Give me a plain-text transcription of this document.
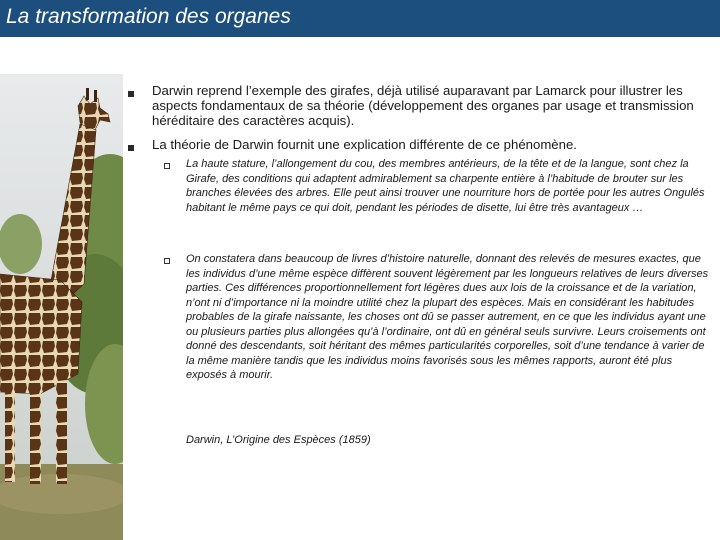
La transformation des organes
Darwin reprend l’exemple des girafes, déjà utilisé auparavant par Lamarck pour illustrer les aspects fondamentaux de sa théorie (développement des organes par usage et transmission héréditaire des caractères acquis).
La théorie de Darwin fournit une explication différente de ce phénomène.
La haute stature, l’allongement du cou, des membres antérieurs, de la tête et de la langue, sont chez la Girafe, des conditions qui adaptent admirablement sa charpente entière à l’habitude de brouter sur les branches élevées des arbres. Elle peut ainsi trouver une nourriture hors de portée pour les autres Ongulés habitant le même pays ce qui doit, pendant les périodes de disette, lui être très avantageux …
On constatera dans beaucoup de livres d’histoire naturelle, donnant des relevés de mesures exactes, que les individus d’une même espèce diffèrent souvent légèrement par les longueurs relatives de leurs diverses parties. Ces différences proportionnellement fort légères dues aux lois de la croissance et de la variation, n’ont ni d’importance ni la moindre utilité chez la plupart des espèces. Mais en considérant les habitudes probables de la girafe naissante, les choses ont dû se passer autrement, en ce que les individus ayant une ou plusieurs parties plus allongées qu’à l’ordinaire, ont dû en général seuls survivre. Leurs croisements ont donné des descendants, soit héritant des mêmes particularités corporelles, soit d’une tendance à varier de la même manière tandis que les individus moins favorisés sous les mêmes rapports, auront été plus exposés à mourir.
Darwin, L’Origine des Espèces (1859)
